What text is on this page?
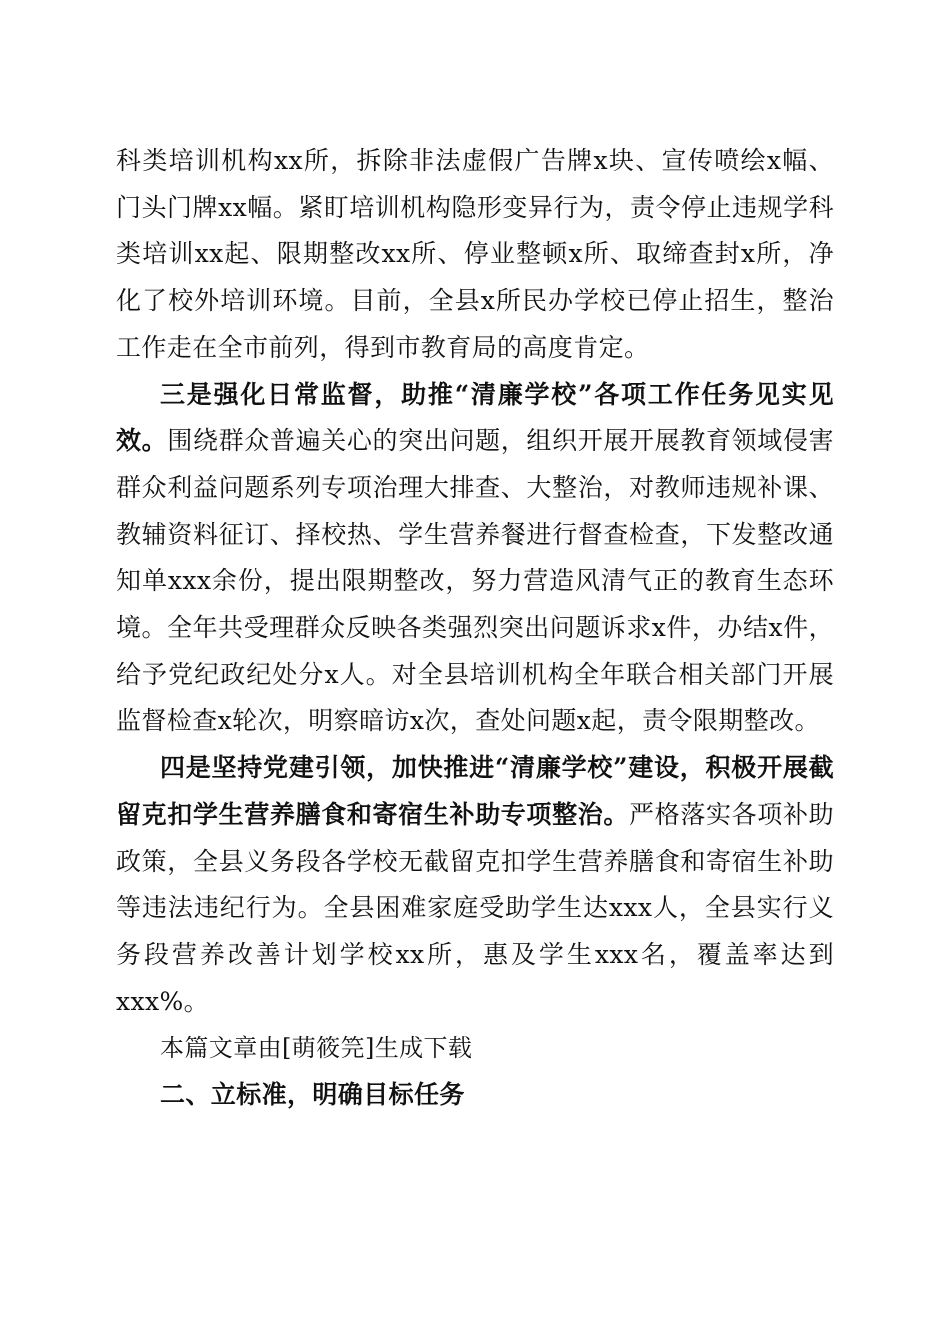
科类培训机构xx所，拆除非法虚假广告牌x块、宣传喷绘x幅、门头门牌xx幅。紧盯培训机构隐形变异行为，责令停止违规学科类培训xx起、限期整改xx所、停业整顿x所、取缔查封x所，净化了校外培训环境。目前，全县x所民办学校已停止招生，整治工作走在全市前列，得到市教育局的高度肯定。

三是强化日常监督，助推“清廉学校”各项工作任务见实见效。围绕群众普遍关心的突出问题，组织开展开展教育领域侵害群众利益问题系列专项治理大排查、大整治，对教师违规补课、教辅资料征订、择校热、学生营养餐进行督查检查，下发整改通知单xxx余份，提出限期整改，努力营造风清气正的教育生态环境。全年共受理群众反映各类强烈突出问题诉求x件，办结x件，给予党纪政纪处分x人。对全县培训机构全年联合相关部门开展监督检查x轮次，明察暗访x次，查处问题x起，责令限期整改。

四是坚持党建引领，加快推进“清廉学校”建设，积极开展截留克扣学生营养膳食和寄宿生补助专项整治。严格落实各项补助政策，全县义务段各学校无截留克扣学生营养膳食和寄宿生补助等违法违纪行为。全县困难家庭受助学生达xxx人，全县实行义务段营养改善计划学校xx所，惠及学生xxx名，覆盖率达到xxx%。

本篇文章由[萌筱笎]生成下载

二、立标准，明确目标任务
